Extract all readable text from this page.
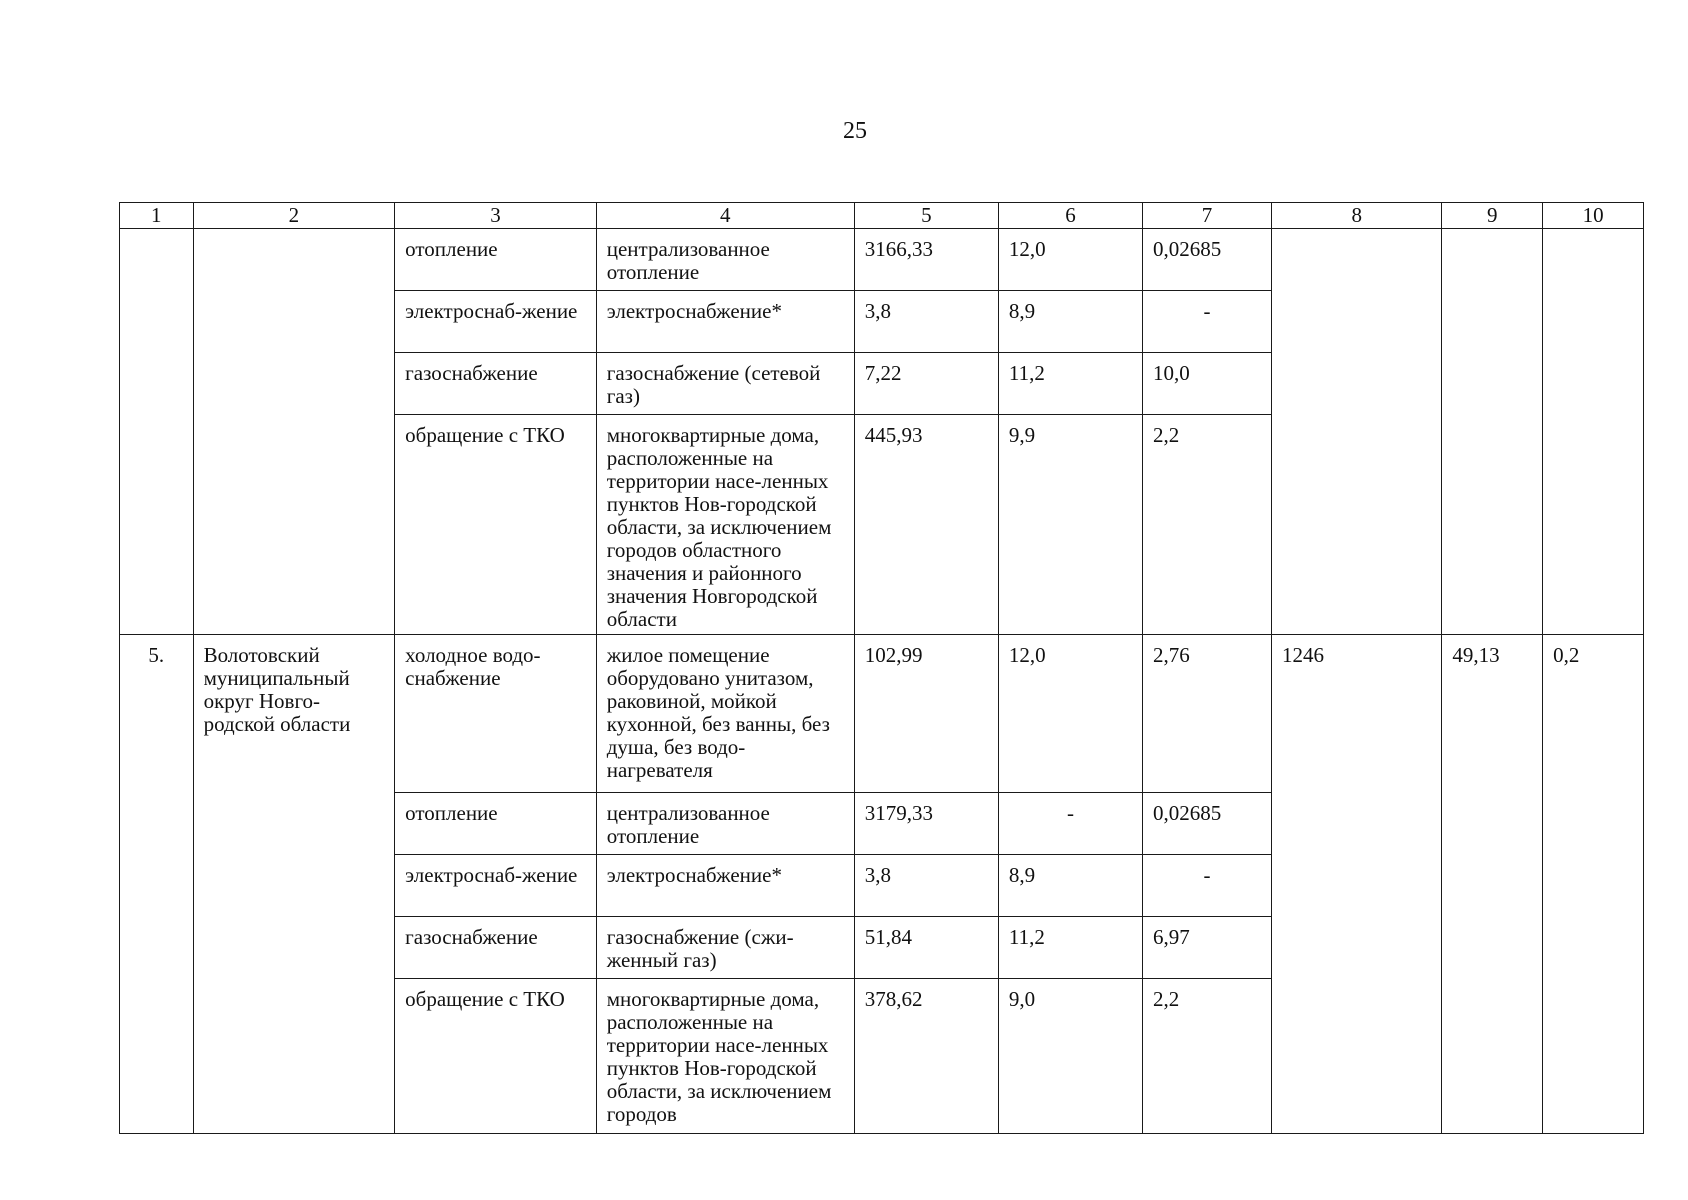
25
1	2	3	4	5	6	7	8	9	10
		отопление	централизованное отопление	3166,33	12,0	0,02685			
		электроснаб-жение	электроснабжение*	3,8	8,9	-			
		газоснабжение	газоснабжение (сетевой газ)	7,22	11,2	10,0			
		обращение с ТКО	многоквартирные дома, расположенные на территории насе-ленных пунктов Нов-городской области, за исключением городов областного значения и районного значения Новгородской области	445,93	9,9	2,2			
5.	Волотовский муниципальный округ Новго-родской области	холодное водо-снабжение	жилое помещение оборудовано унитазом, раковиной, мойкой кухонной, без ванны, без душа, без водо-нагревателя	102,99	12,0	2,76	1246	49,13	0,2
		отопление	централизованное отопление	3179,33	-	0,02685			
		электроснаб-жение	электроснабжение*	3,8	8,9	-			
		газоснабжение	газоснабжение (сжи-женный газ)	51,84	11,2	6,97			
		обращение с ТКО	многоквартирные дома, расположенные на территории насе-ленных пунктов Нов-городской области, за исключением городов	378,62	9,0	2,2			
